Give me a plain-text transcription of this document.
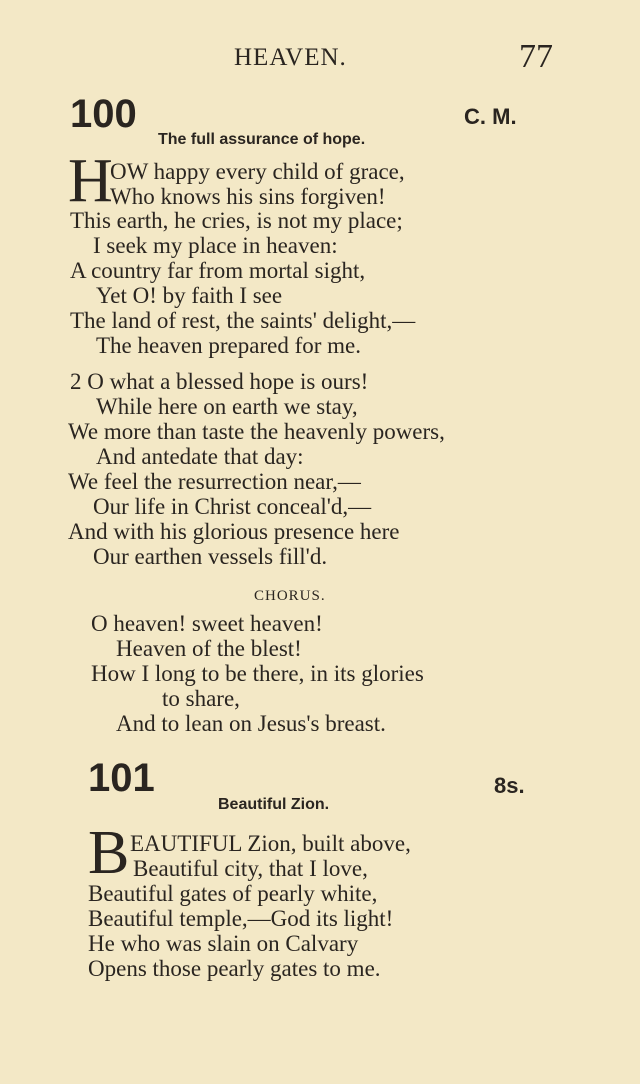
HEAVEN.	77
100	C. M.
The full assurance of hope.
H
OW happy every child of grace,
Who knows his sins forgiven!
This earth, he cries, is not my place;
I seek my place in heaven:
A country far from mortal sight,
Yet O! by faith I see
The land of rest, the saints' delight,—
The heaven prepared for me.
2 O what a blessed hope is ours!
While here on earth we stay,
We more than taste the heavenly powers,
And antedate that day:
We feel the resurrection near,—
Our life in Christ conceal'd,—
And with his glorious presence here
Our earthen vessels fill'd.
CHORUS.
O heaven! sweet heaven!
Heaven of the blest!
How I long to be there, in its glories
to share,
And to lean on Jesus's breast.
101	8s.
Beautiful Zion.
B EAUTIFUL Zion, built above,
Beautiful city, that I love,
Beautiful gates of pearly white,
Beautiful temple,—God its light!
He who was slain on Calvary
Opens those pearly gates to me.
